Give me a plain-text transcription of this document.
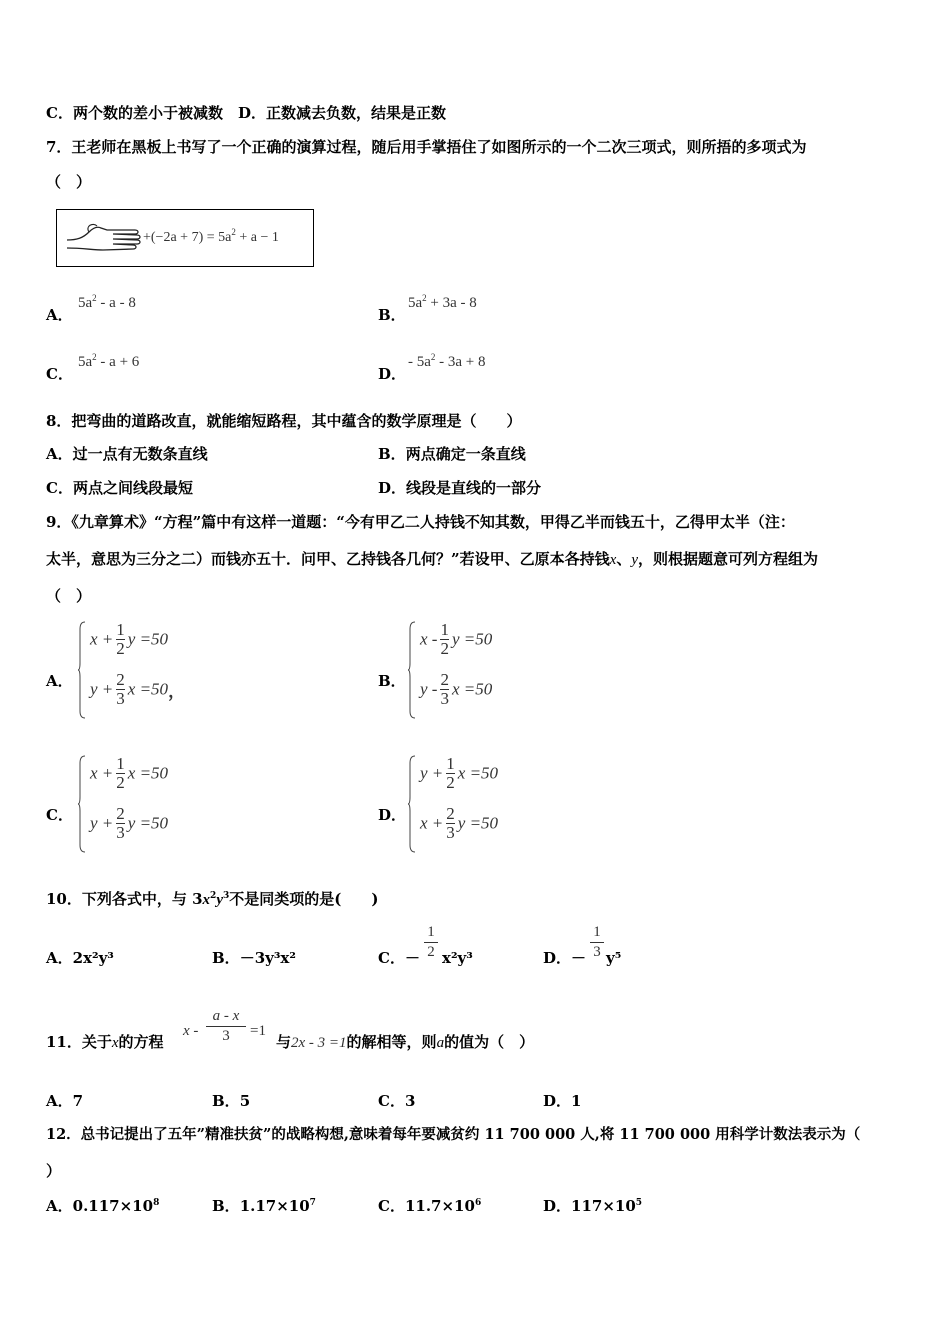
C．两个数的差小于被减数　D．正数减去负数，结果是正数
7．王老师在黑板上书写了一个正确的演算过程，随后用手掌捂住了如图所示的一个二次三项式，则所捂的多项式为
（　）
$+(-2a + 7) = 5a^2 + a - 1$
A．
$5a^2$ - a - 8
B．
$5a^2 + 3a - 8$
C．
$5a^2 - a + 6$
D．
- $5a^2 - 3a + 8$
8．把弯曲的道路改直，就能缩短路程，其中蕴含的数学原理是（　　）
A．过一点有无数条直线	B．两点确定一条直线
C．两点之间线段最短	D．线段是直线的一部分
9．《九章算术》“方程”篇中有这样一道题：“今有甲乙二人持钱不知其数，甲得乙半而钱五十，乙得甲太半（注：
太半，意思为三分之二）而钱亦五十．问甲、乙持钱各几何？”若设甲、乙原本各持钱x、y，则根据题意可列方程组为
（　）
A．
$x + \frac{1}{2}$ y =50
$y + \frac{2}{3}$ x =50，
B．
x - $\frac{1}{2}$ y =50
y - $\frac{2}{3}$ x =50
C．
$x + \frac{1}{2}$ x =50
$y + \frac{2}{3}$ y =50	D．
$y + \frac{1}{2}$ x =50
$x + \frac{2}{3}$ y =50
10．下列各式中，与 $3x^2y^3$不是同类项的是(　　)
A．2x²y³	B．－3y³x²	C．－
1
2 x²y³	D．－
1
3 y⁵
11．关于x的方程
x -
a - x
3	=1
与2x - 3 =1的解相等，则a的值为（　）
A．7	B．5	C．3	D．1
12．总书记提出了五年”精准扶贫”的战略构想,意味着每年要减贫约 11 700 000 人,将 11 700 000 用科学计数法表示为（
）
A．$0.117\times 10^8$	B．$1.17\times 10^7$	C．$11.7\times 10^6$	D．$117\times 10^5$
